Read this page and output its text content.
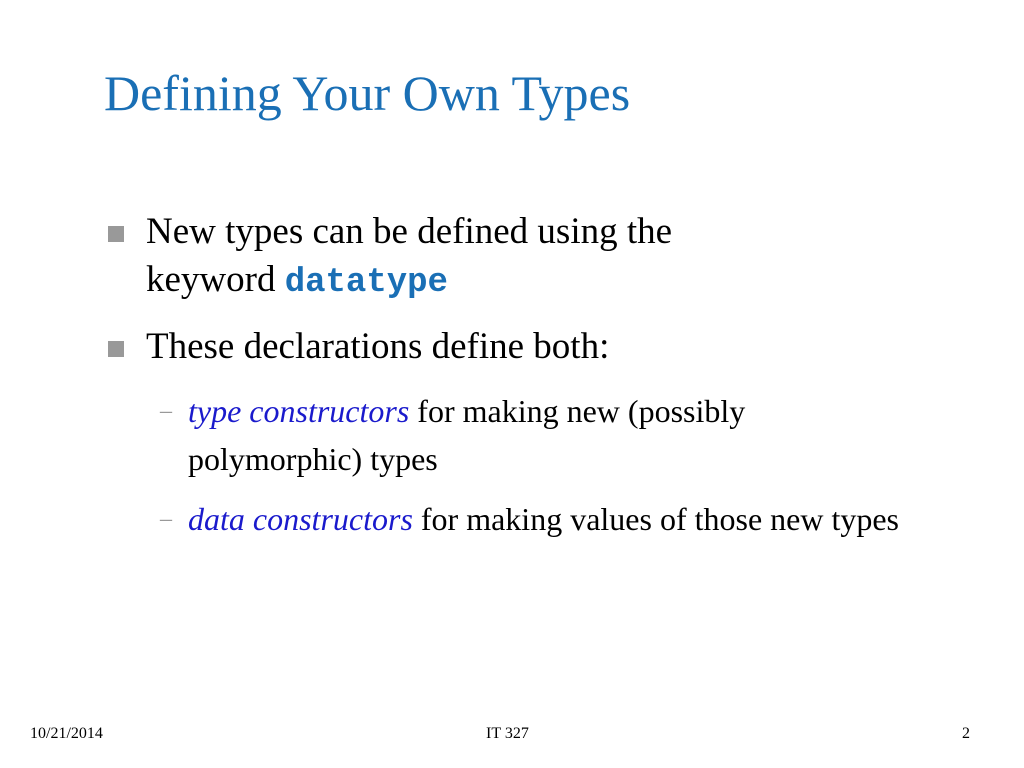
Defining Your Own Types
New types can be defined using the
keyword datatype
These declarations define both:
– type constructors for making new (possibly polymorphic) types
– data constructors for making values of those new types
10/21/2014	IT 327	2
